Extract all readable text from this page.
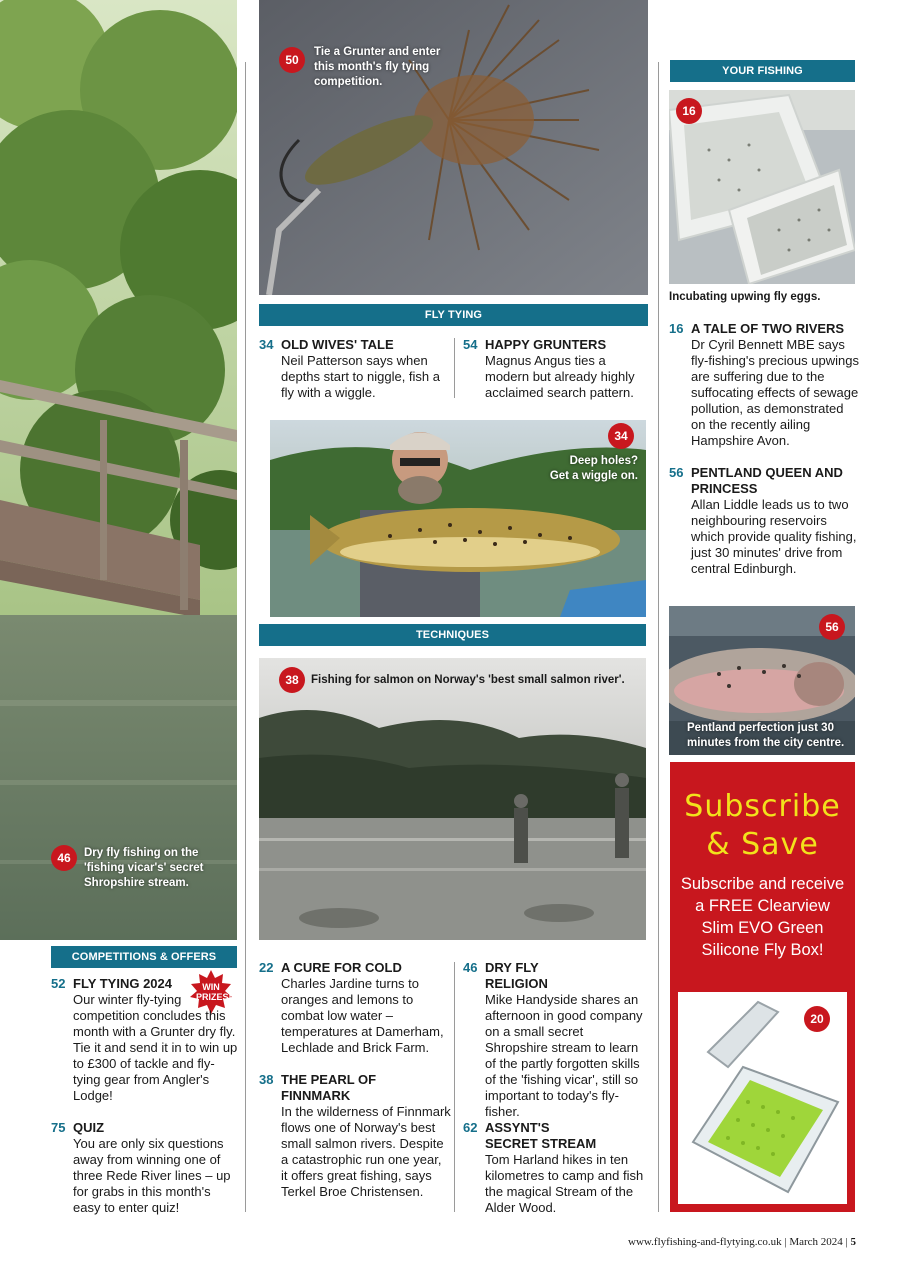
46	Dry fly fishing on the 'fishing vicar's' secret Shropshire stream.
50
Tie a Grunter and enter this month's fly tying competition.
FLY TYING
34 OLD WIVES' TALE
Neil Patterson says when depths start to niggle, fish a fly with a wiggle.
54 HAPPY GRUNTERS
Magnus Angus ties a modern but already highly acclaimed search pattern.
34
Deep holes? Get a wiggle on.
TECHNIQUES
38	Fishing for salmon on Norway's 'best small salmon river'.
YOUR FISHING
16
Incubating upwing fly eggs.
16 A TALE OF TWO RIVERS
Dr Cyril Bennett MBE says fly-fishing's precious upwings are suffering due to the suffocating effects of sewage pollution, as demonstrated on the recently ailing Hampshire Avon.
56 PENTLAND QUEEN AND PRINCESS
Allan Liddle leads us to two neighbouring reservoirs which provide quality fishing, just 30 minutes' drive from central Edinburgh.
56
Pentland perfection just 30 minutes from the city centre.
Subscribe
& Save
Subscribe and receive a FREE Clearview Slim EVO Green Silicone Fly Box!
20
COMPETITIONS & OFFERS
WIN PRIZES!
52 FLY TYING 2024
Our winter fly-tying competition concludes this month with a Grunter dry fly. Tie it and send it in to win up to £300 of tackle and fly-tying gear from Angler's Lodge!
75 QUIZ
You are only six questions away from winning one of three Rede River lines – up for grabs in this month's easy to enter quiz!
22 A CURE FOR COLD
Charles Jardine turns to oranges and lemons to combat low water – temperatures at Damerham, Lechlade and Brick Farm.
38 THE PEARL OF FINNMARK
In the wilderness of Finnmark flows one of Norway's best small salmon rivers. Despite a catastrophic run one year, it offers great fishing, says Terkel Broe Christensen.
46 DRY FLY RELIGION
Mike Handyside shares an afternoon in good company on a small secret Shropshire stream to learn of the partly forgotten skills of the 'fishing vicar', still so important to today's fly-fisher.
62 ASSYNT'S SECRET STREAM
Tom Harland hikes in ten kilometres to camp and fish the magical Stream of the Alder Wood.
www.flyfishing-and-flytying.co.uk | March 2024 | 5
